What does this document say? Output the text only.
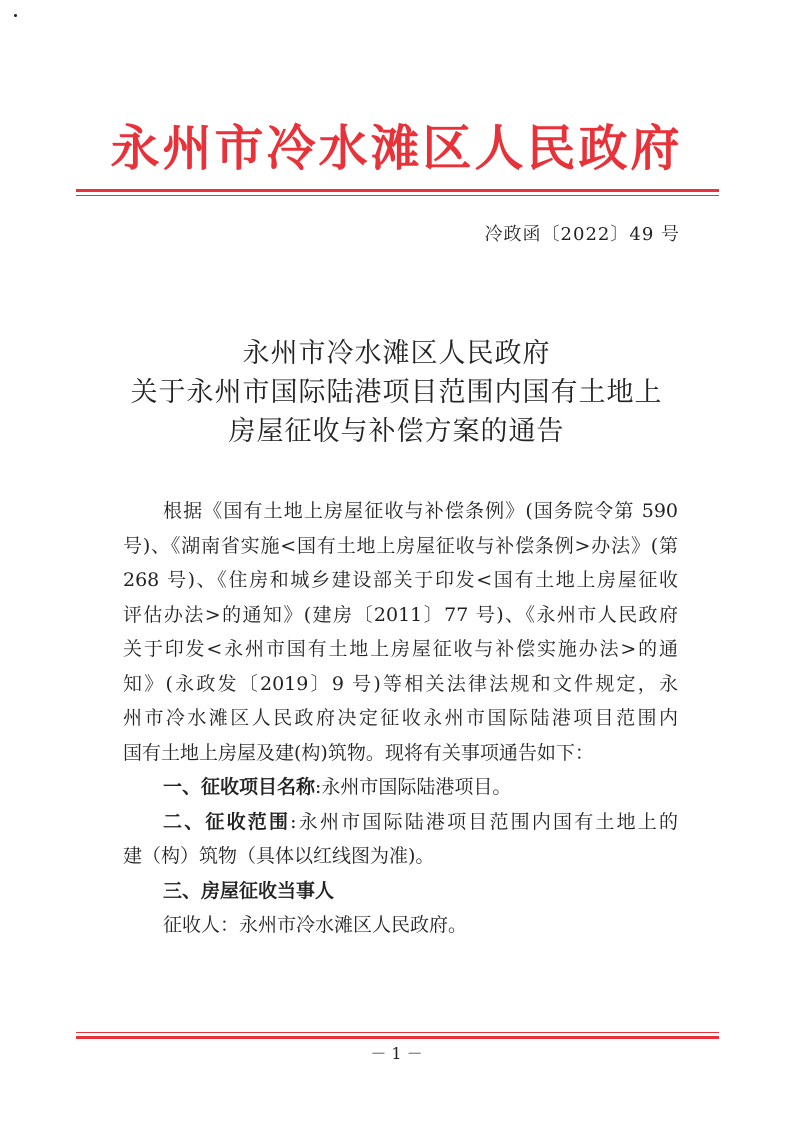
永州市冷水滩区人民政府
冷政函〔2022〕49 号
永州市冷水滩区人民政府
关于永州市国际陆港项目范围内国有土地上
房屋征收与补偿方案的通告
根据《国有土地上房屋征收与补偿条例》(国务院令第 590
号)、《湖南省实施<国有土地上房屋征收与补偿条例>办法》(第
268 号)、《住房和城乡建设部关于印发<国有土地上房屋征收
评估办法>的通知》(建房〔2011〕77 号)、《永州市人民政府
关于印发<永州市国有土地上房屋征收与补偿实施办法>的通
知》(永政发〔2019〕9 号)等相关法律法规和文件规定，永
州市冷水滩区人民政府决定征收永州市国际陆港项目范围内
国有土地上房屋及建(构)筑物。现将有关事项通告如下：
一、征收项目名称:永州市国际陆港项目。
二、征收范围:永州市国际陆港项目范围内国有土地上的
建（构）筑物（具体以红线图为准)。
三、房屋征收当事人
征收人：永州市冷水滩区人民政府。
－ 1 －
